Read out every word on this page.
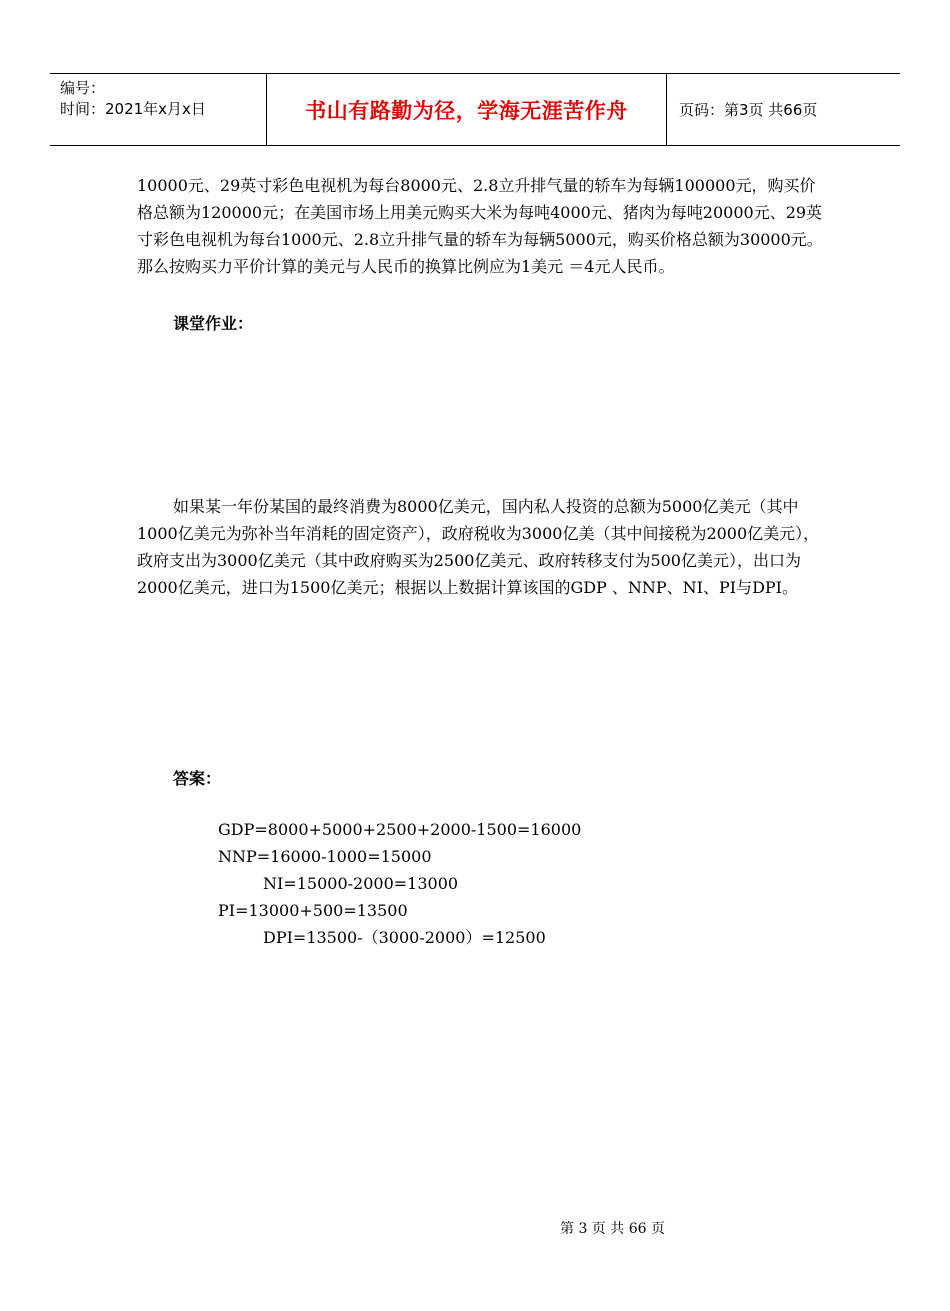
编号：
时间：2021年x月x日	书山有路勤为径，学海无涯苦作舟	页码：第3页 共66页
10000元、29英寸彩色电视机为每台8000元、2.8立升排气量的轿车为每辆100000元，购买价格总额为120000元；在美国市场上用美元购买大米为每吨4000元、猪肉为每吨20000元、29英寸彩色电视机为每台1000元、2.8立升排气量的轿车为每辆5000元，购买价格总额为30000元。那么按购买力平价计算的美元与人民币的换算比例应为1美元 ＝4元人民币。
课堂作业：
如果某一年份某国的最终消费为8000亿美元，国内私人投资的总额为5000亿美元（其中1000亿美元为弥补当年消耗的固定资产），政府税收为3000亿美（其中间接税为2000亿美元），政府支出为3000亿美元（其中政府购买为2500亿美元、政府转移支付为500亿美元），出口为2000亿美元，进口为1500亿美元；根据以上数据计算该国的GDP 、NNP、NI、PI与DPI。
答案：
GDP=8000+5000+2500+2000-1500=16000
NNP=16000-1000=15000
NI=15000-2000=13000
PI=13000+500=13500
DPI=13500-（3000-2000）=12500
第 3 页 共 66 页
